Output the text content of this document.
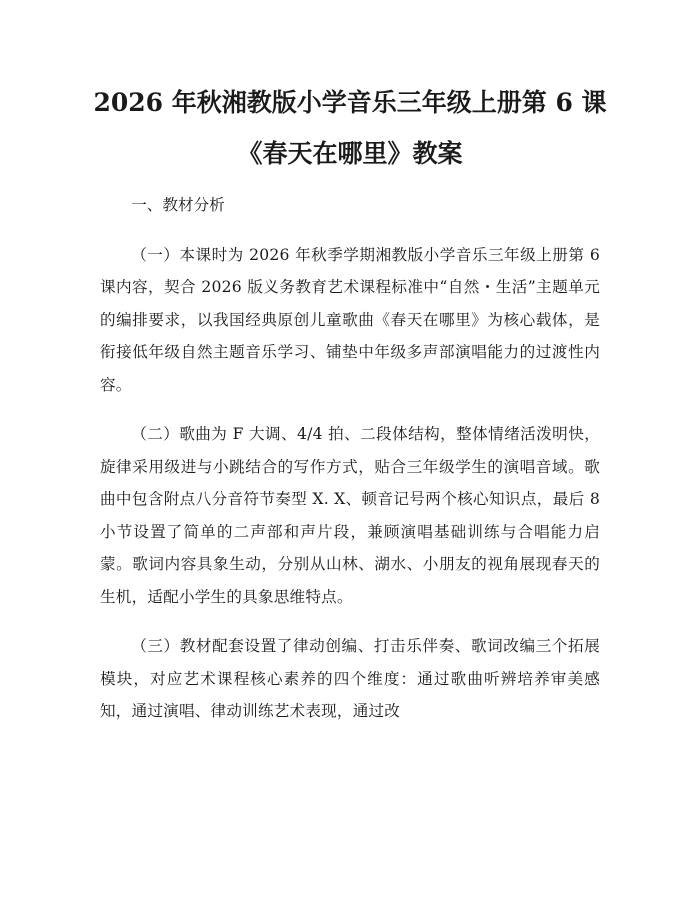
2026 年秋湘教版小学音乐三年级上册第 6 课
《春天在哪里》教案

一、教材分析

（一）本课时为 2026 年秋季学期湘教版小学音乐三年级上册第 6 课内容，契合 2026 版义务教育艺术课程标准中“自然・生活”主题单元的编排要求，以我国经典原创儿童歌曲《春天在哪里》为核心载体，是衔接低年级自然主题音乐学习、铺垫中年级多声部演唱能力的过渡性内容。

（二）歌曲为 F 大调、4/4 拍、二段体结构，整体情绪活泼明快，旋律采用级进与小跳结合的写作方式，贴合三年级学生的演唱音域。歌曲中包含附点八分音符节奏型 X. X、顿音记号两个核心知识点，最后 8 小节设置了简单的二声部和声片段，兼顾演唱基础训练与合唱能力启蒙。歌词内容具象生动，分别从山林、湖水、小朋友的视角展现春天的生机，适配小学生的具象思维特点。

（三）教材配套设置了律动创编、打击乐伴奏、歌词改编三个拓展模块，对应艺术课程核心素养的四个维度：通过歌曲听辨培养审美感知，通过演唱、律动训练艺术表现，通过改
